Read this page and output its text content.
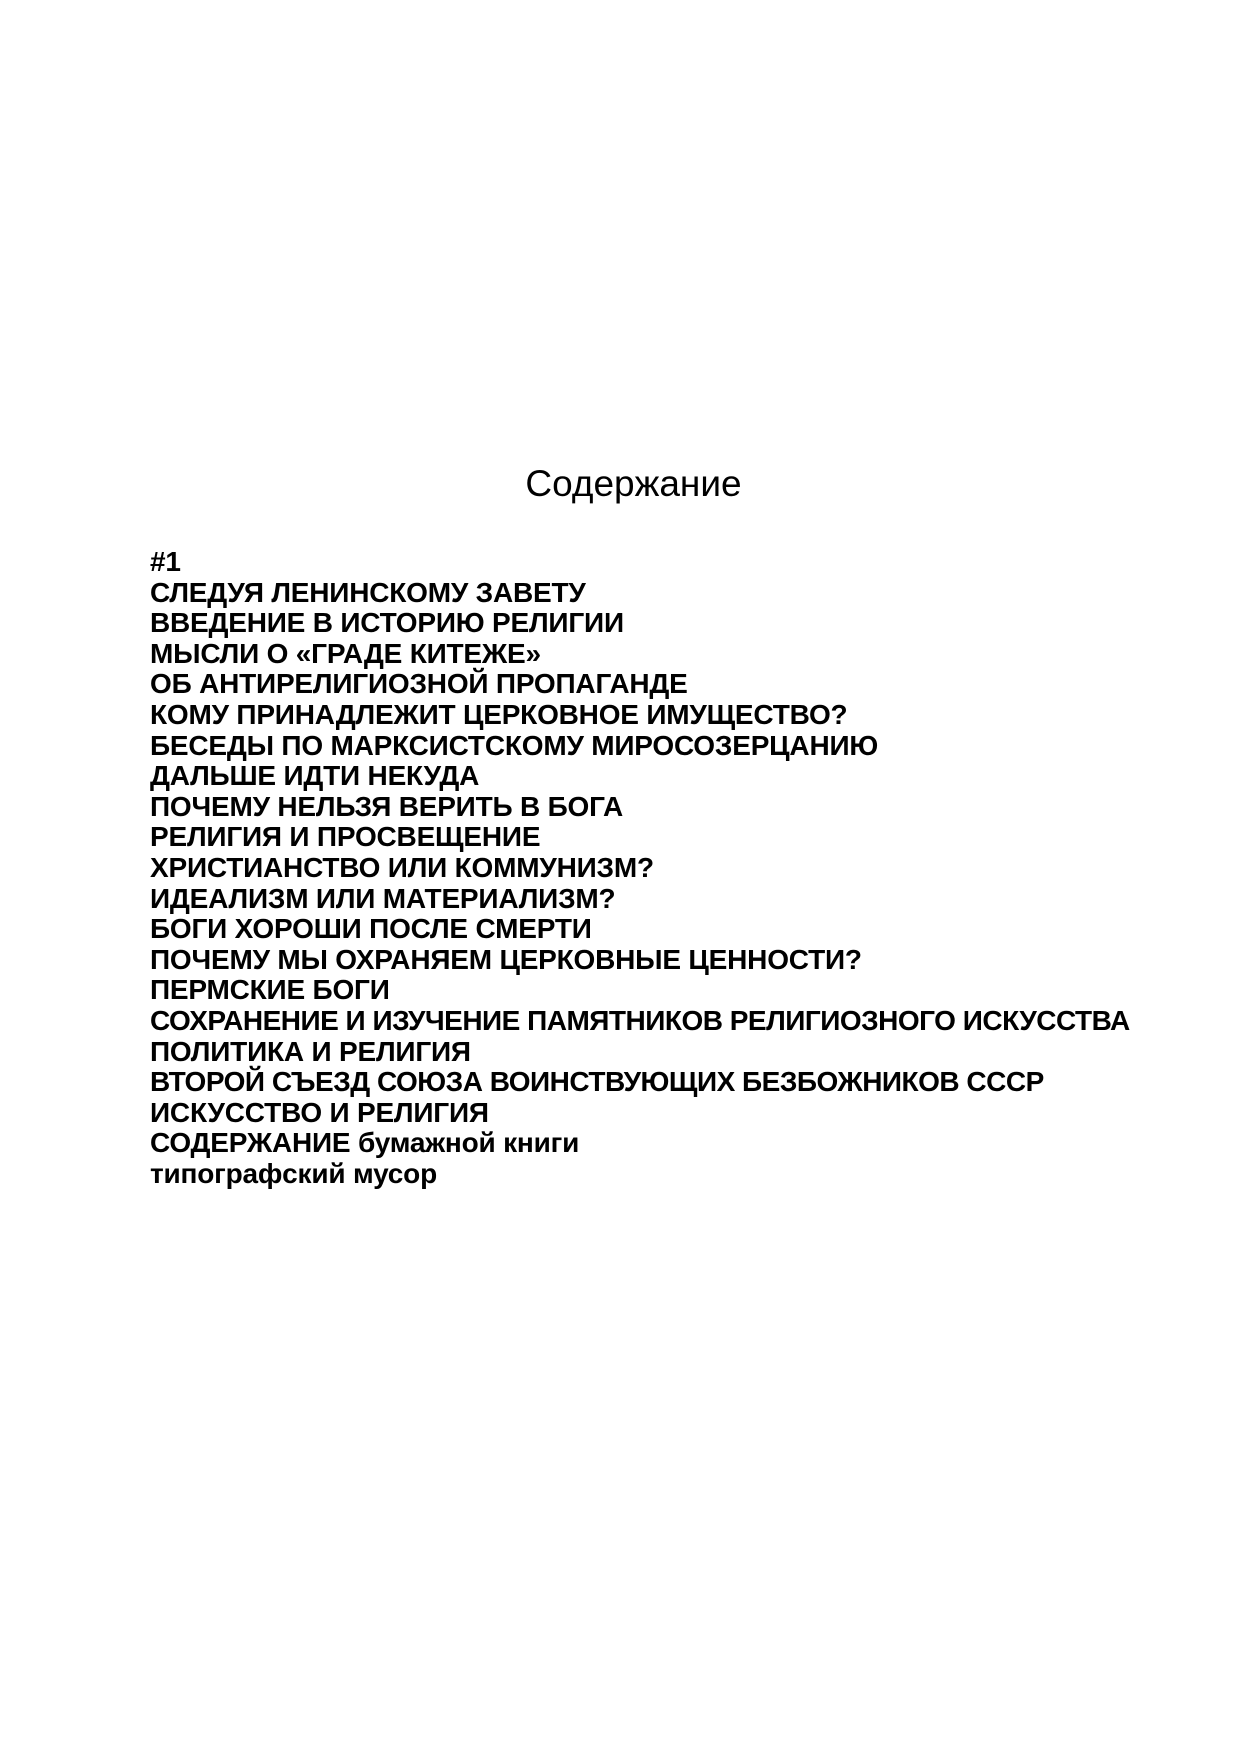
Содержание
#1
СЛЕДУЯ ЛЕНИНСКОМУ ЗАВЕТУ
ВВЕДЕНИЕ В ИСТОРИЮ РЕЛИГИИ
МЫСЛИ О «ГРАДЕ КИТЕЖЕ»
ОБ АНТИРЕЛИГИОЗНОЙ ПРОПАГАНДЕ
КОМУ ПРИНАДЛЕЖИТ ЦЕРКОВНОЕ ИМУЩЕСТВО?
БЕСЕДЫ ПО МАРКСИСТСКОМУ МИРОСОЗЕРЦАНИЮ
ДАЛЬШЕ ИДТИ НЕКУДА
ПОЧЕМУ НЕЛЬЗЯ ВЕРИТЬ В БОГА
РЕЛИГИЯ И ПРОСВЕЩЕНИЕ
ХРИСТИАНСТВО ИЛИ КОММУНИЗМ?
ИДЕАЛИЗМ ИЛИ МАТЕРИАЛИЗМ?
БОГИ ХОРОШИ ПОСЛЕ СМЕРТИ
ПОЧЕМУ МЫ ОХРАНЯЕМ ЦЕРКОВНЫЕ ЦЕННОСТИ?
ПЕРМСКИЕ БОГИ
СОХРАНЕНИЕ И ИЗУЧЕНИЕ ПАМЯТНИКОВ РЕЛИГИОЗНОГО ИСКУССТВА
ПОЛИТИКА И РЕЛИГИЯ
ВТОРОЙ СЪЕЗД СОЮЗА ВОИНСТВУЮЩИХ БЕЗБОЖНИКОВ СССР
ИСКУССТВО И РЕЛИГИЯ
СОДЕРЖАНИЕ бумажной книги
типографский мусор
